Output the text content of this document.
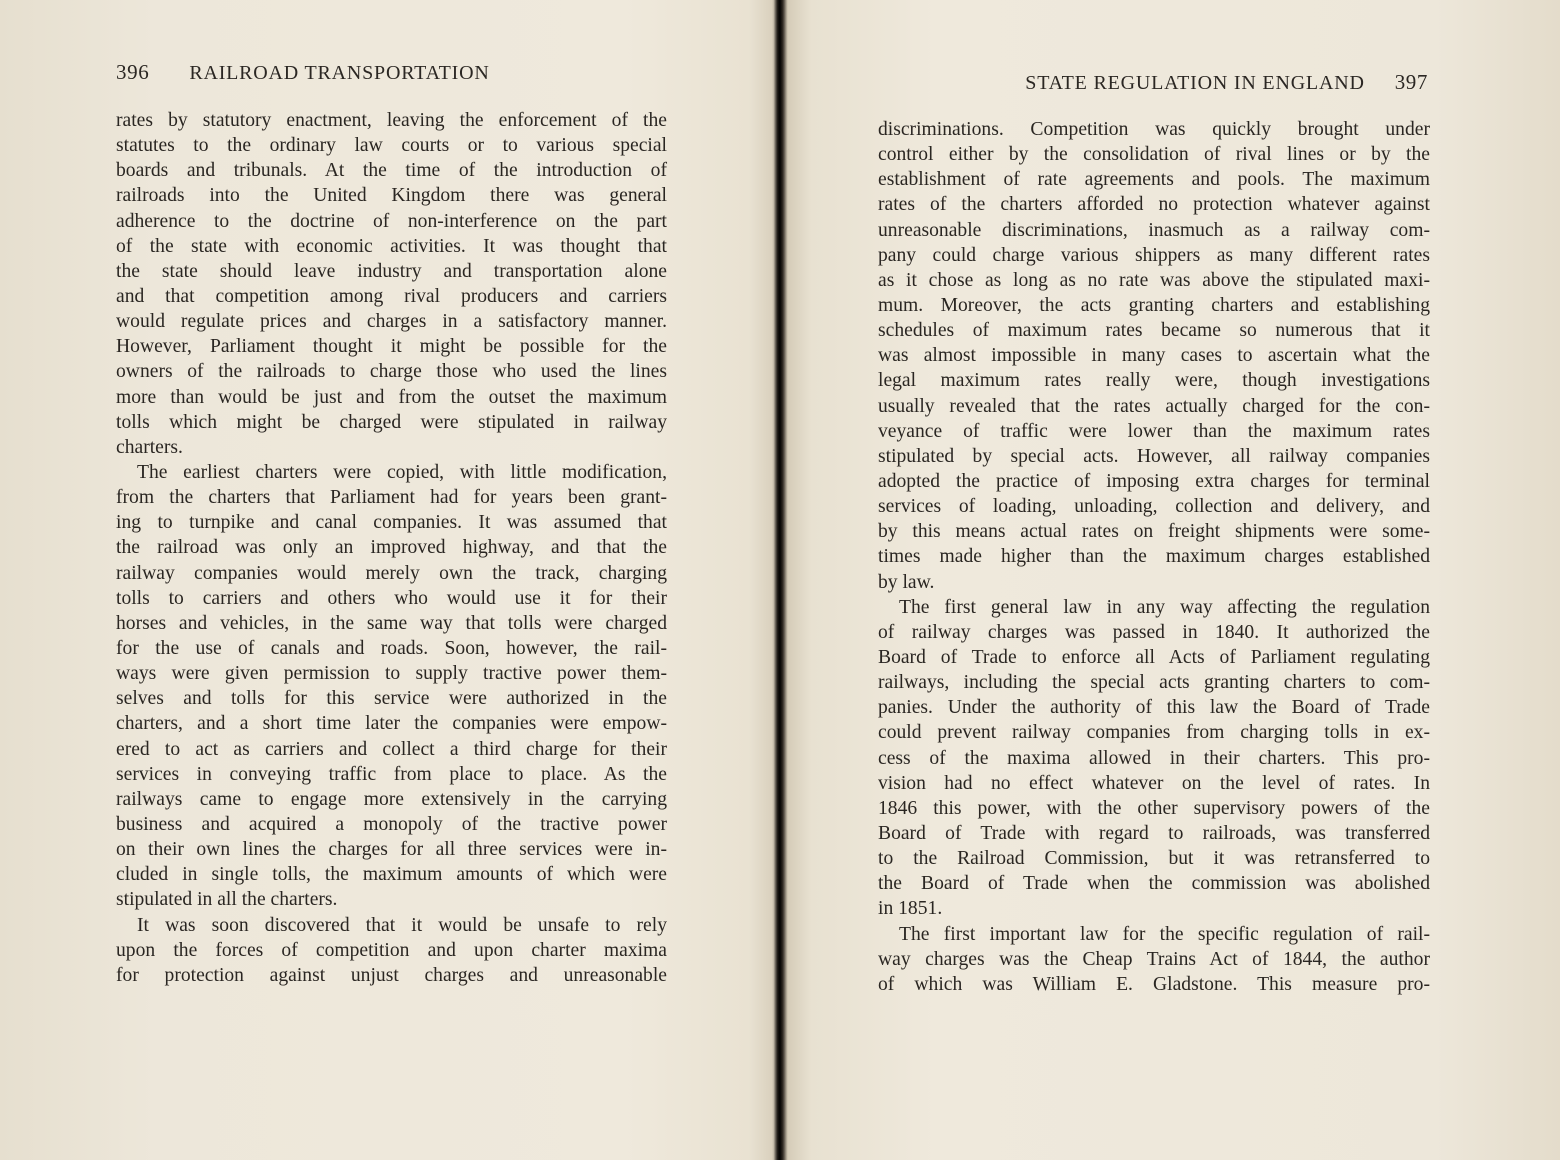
396 RAILROAD TRANSPORTATION
rates by statutory enactment, leaving the enforcement of the
statutes to the ordinary law courts or to various special
boards and tribunals. At the time of the introduction of
railroads into the United Kingdom there was general
adherence to the doctrine of non-interference on the part
of the state with economic activities. It was thought that
the state should leave industry and transportation alone
and that competition among rival producers and carriers
would regulate prices and charges in a satisfactory manner.
However, Parliament thought it might be possible for the
owners of the railroads to charge those who used the lines
more than would be just and from the outset the maximum
tolls which might be charged were stipulated in railway
charters.
The earliest charters were copied, with little modification,
from the charters that Parliament had for years been grant-
ing to turnpike and canal companies. It was assumed that
the railroad was only an improved highway, and that the
railway companies would merely own the track, charging
tolls to carriers and others who would use it for their
horses and vehicles, in the same way that tolls were charged
for the use of canals and roads. Soon, however, the rail-
ways were given permission to supply tractive power them-
selves and tolls for this service were authorized in the
charters, and a short time later the companies were empow-
ered to act as carriers and collect a third charge for their
services in conveying traffic from place to place. As the
railways came to engage more extensively in the carrying
business and acquired a monopoly of the tractive power
on their own lines the charges for all three services were in-
cluded in single tolls, the maximum amounts of which were
stipulated in all the charters.
It was soon discovered that it would be unsafe to rely
upon the forces of competition and upon charter maxima
for protection against unjust charges and unreasonable
STATE REGULATION IN ENGLAND 397
discriminations. Competition was quickly brought under
control either by the consolidation of rival lines or by the
establishment of rate agreements and pools. The maximum
rates of the charters afforded no protection whatever against
unreasonable discriminations, inasmuch as a railway com-
pany could charge various shippers as many different rates
as it chose as long as no rate was above the stipulated maxi-
mum. Moreover, the acts granting charters and establishing
schedules of maximum rates became so numerous that it
was almost impossible in many cases to ascertain what the
legal maximum rates really were, though investigations
usually revealed that the rates actually charged for the con-
veyance of traffic were lower than the maximum rates
stipulated by special acts. However, all railway companies
adopted the practice of imposing extra charges for terminal
services of loading, unloading, collection and delivery, and
by this means actual rates on freight shipments were some-
times made higher than the maximum charges established
by law.
The first general law in any way affecting the regulation
of railway charges was passed in 1840. It authorized the
Board of Trade to enforce all Acts of Parliament regulating
railways, including the special acts granting charters to com-
panies. Under the authority of this law the Board of Trade
could prevent railway companies from charging tolls in ex-
cess of the maxima allowed in their charters. This pro-
vision had no effect whatever on the level of rates. In
1846 this power, with the other supervisory powers of the
Board of Trade with regard to railroads, was transferred
to the Railroad Commission, but it was retransferred to
the Board of Trade when the commission was abolished
in 1851.
The first important law for the specific regulation of rail-
way charges was the Cheap Trains Act of 1844, the author
of which was William E. Gladstone. This measure pro-
